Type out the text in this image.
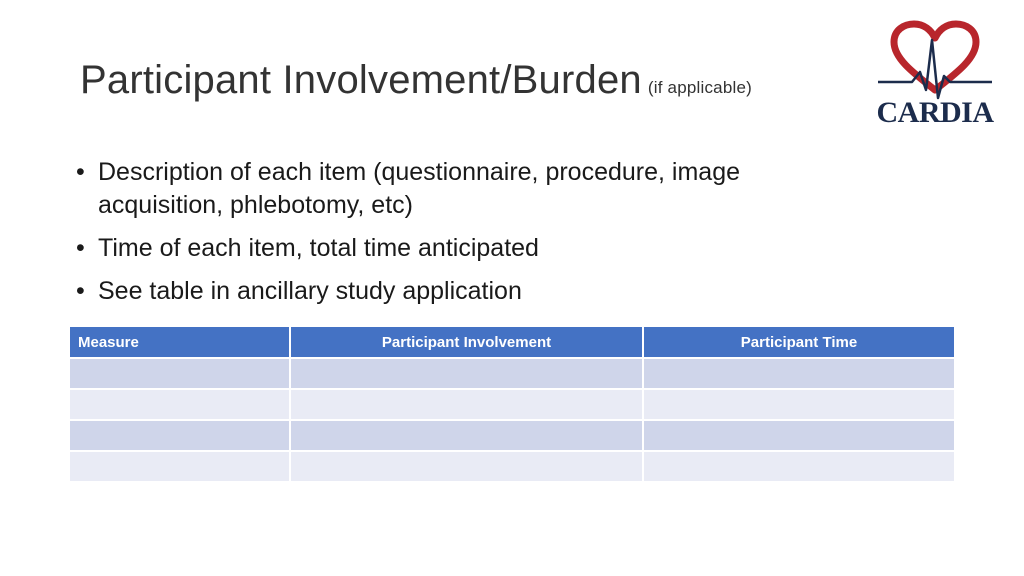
Participant Involvement/Burden (if applicable)
CARDIA
• Description of each item (questionnaire, procedure, image acquisition, phlebotomy, etc)
• Time of each item, total time anticipated
• See table in ancillary study application
Measure	Participant Involvement	Participant Time
